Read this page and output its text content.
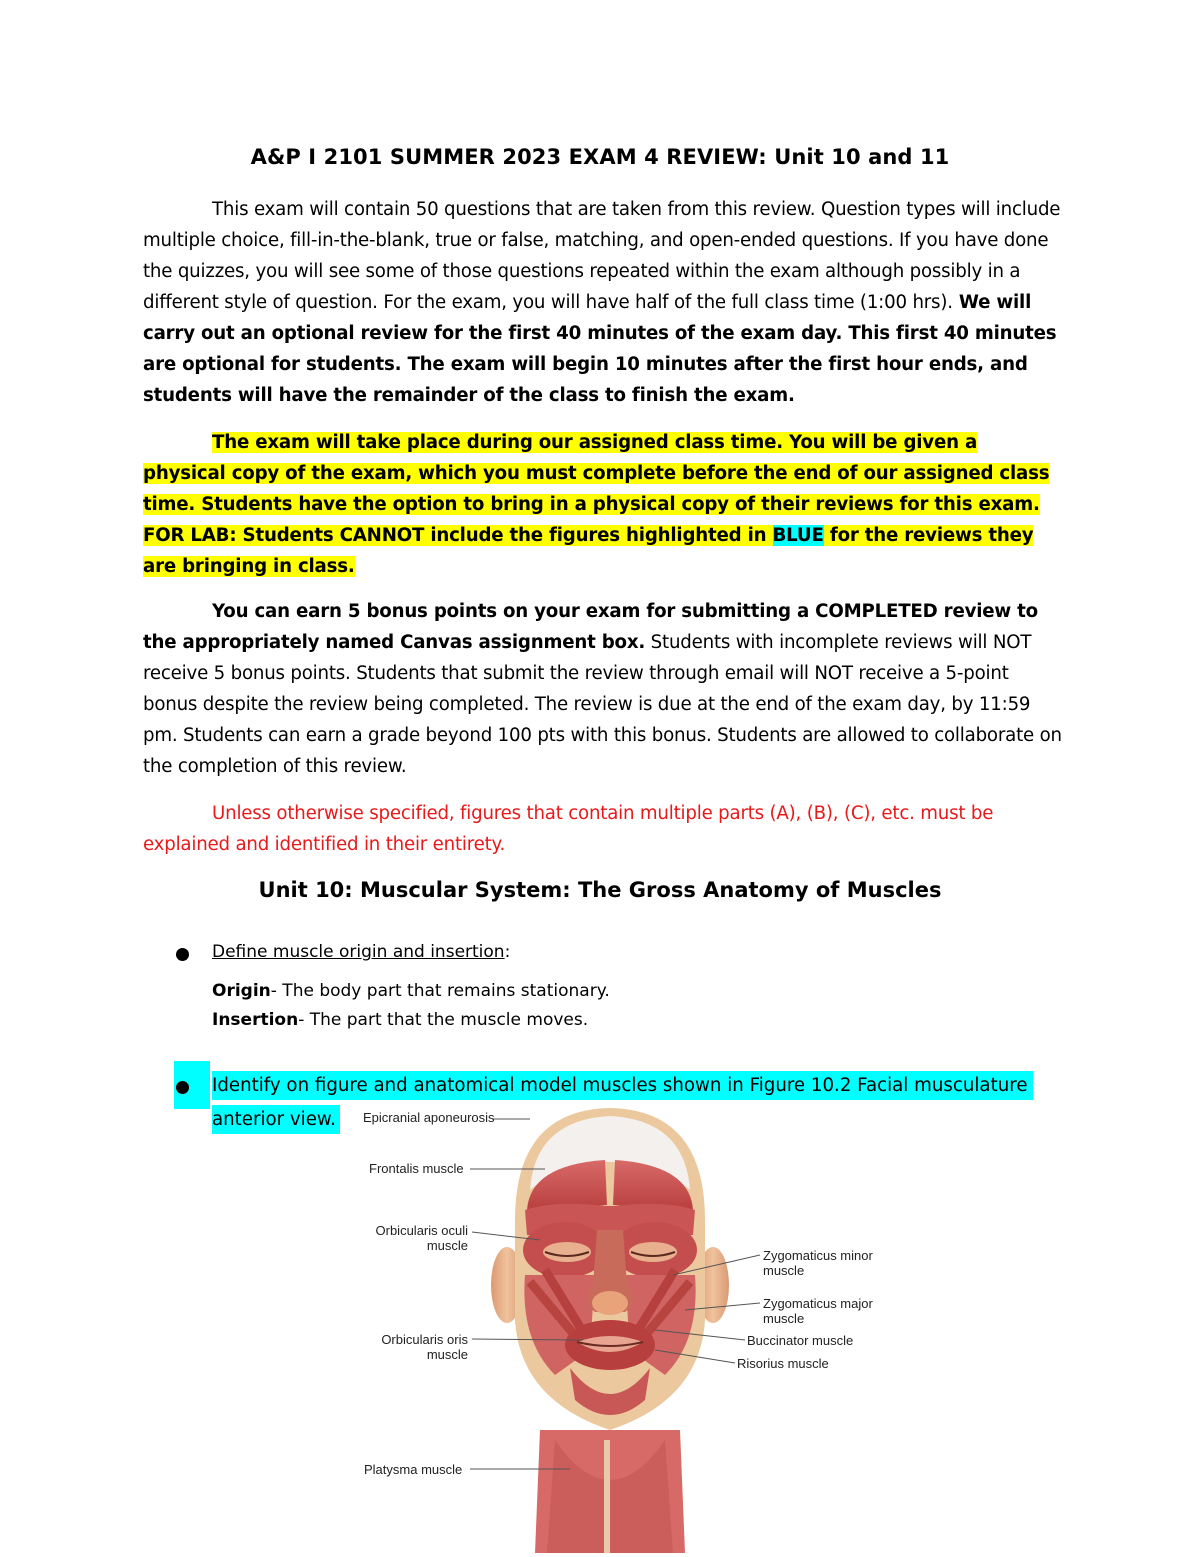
A&P I 2101 SUMMER 2023 EXAM 4 REVIEW: Unit 10 and 11
This exam will contain 50 questions that are taken from this review. Question types will include multiple choice, fill-in-the-blank, true or false, matching, and open-ended questions. If you have done the quizzes, you will see some of those questions repeated within the exam although possibly in a different style of question. For the exam, you will have half of the full class time (1:00 hrs). We will carry out an optional review for the first 40 minutes of the exam day. This first 40 minutes are optional for students. The exam will begin 10 minutes after the first hour ends, and students will have the remainder of the class to finish the exam.
The exam will take place during our assigned class time. You will be given a physical copy of the exam, which you must complete before the end of our assigned class time. Students have the option to bring in a physical copy of their reviews for this exam. FOR LAB: Students CANNOT include the figures highlighted in BLUE for the reviews they are bringing in class.
You can earn 5 bonus points on your exam for submitting a COMPLETED review to the appropriately named Canvas assignment box. Students with incomplete reviews will NOT receive 5 bonus points. Students that submit the review through email will NOT receive a 5-point bonus despite the review being completed. The review is due at the end of the exam day, by 11:59 pm. Students can earn a grade beyond 100 pts with this bonus. Students are allowed to collaborate on the completion of this review.
Unless otherwise specified, figures that contain multiple parts (A), (B), (C), etc. must be explained and identified in their entirety.
Unit 10: Muscular System: The Gross Anatomy of Muscles
Define muscle origin and insertion:
Origin- The body part that remains stationary.
Insertion- The part that the muscle moves.
Identify on figure and anatomical model muscles shown in Figure 10.2 Facial musculature
anterior view.	Epicranial aponeurosis
Frontalis muscle
Orbicularis oculi
muscle
Orbicularis oris
muscle
Platysma muscle
Zygomaticus minor
muscle
Zygomaticus major
muscle
Buccinator muscle
Risorius muscle
